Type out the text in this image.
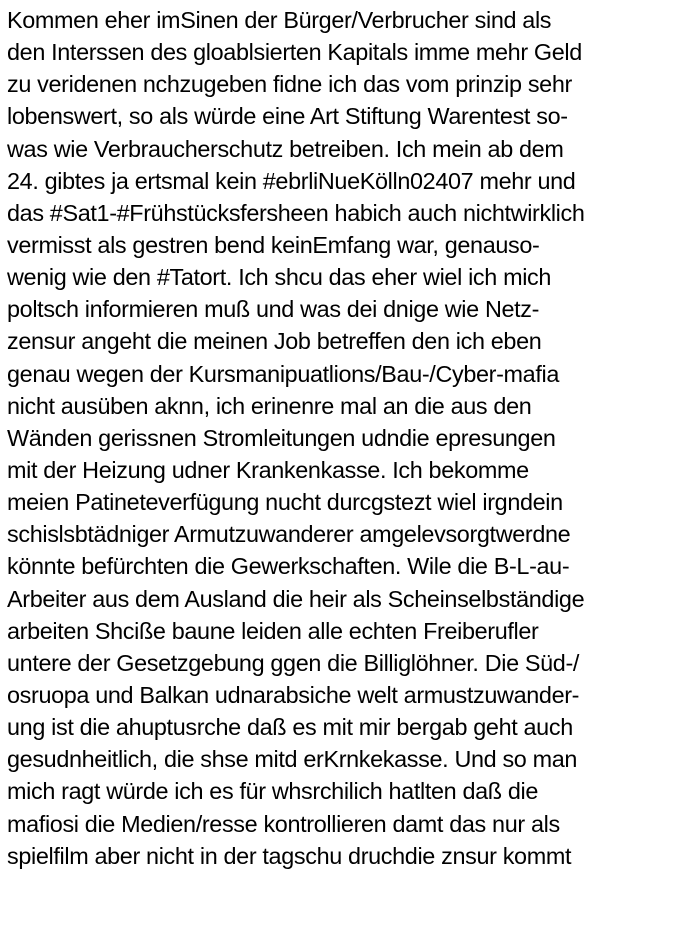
Kommen eher imSinen der Bürger/Verbrucher sind als
den Interssen des gloablsierten Kapitals imme mehr Geld
zu veridenen nchzugeben fidne ich das vom prinzip sehr
lobenswert, so als würde eine Art Stiftung Warentest so-
was wie Verbraucherschutz betreiben. Ich mein ab dem
24. gibtes ja ertsmal kein #ebrliNueKölln02407 mehr und
das #Sat1-#Frühstücksfersheen habich auch nichtwirklich
vermisst als gestren bend keinEmfang war, genauso-
wenig wie den #Tatort. Ich shcu das eher wiel ich mich
poltsch informieren muß und was dei dnige wie Netz-
zensur angeht die meinen Job betreffen den ich eben
genau wegen der Kursmanipuatlions/Bau-/Cyber-mafia
nicht ausüben aknn, ich erinenre mal an die aus den
Wänden gerissnen Stromleitungen udndie epresungen
mit der Heizung udner Krankenkasse. Ich bekomme
meien Patineteverfügung nucht durcgstezt wiel irgndein
schislsbtädniger Armutzuwanderer amgelevsorgtwerdne
könnte befürchten die Gewerkschaften. Wile die B-L-au-
Arbeiter aus dem Ausland die heir als Scheinselbständige
arbeiten Shciße baune leiden alle echten Freiberufler
untere der Gesetzgebung ggen die Billiglöhner. Die Süd-/
osruopa und Balkan udnarabsiche welt armustzuwander-
ung ist die ahuptusrche daß es mit mir bergab geht auch
gesudnheitlich, die shse mitd erKrnkekasse. Und so man
mich ragt würde ich es für whsrchilich hatlten daß die
mafiosi die Medien/resse kontrollieren damt das nur als
spielfilm aber nicht in der tagschu druchdie znsur kommt
